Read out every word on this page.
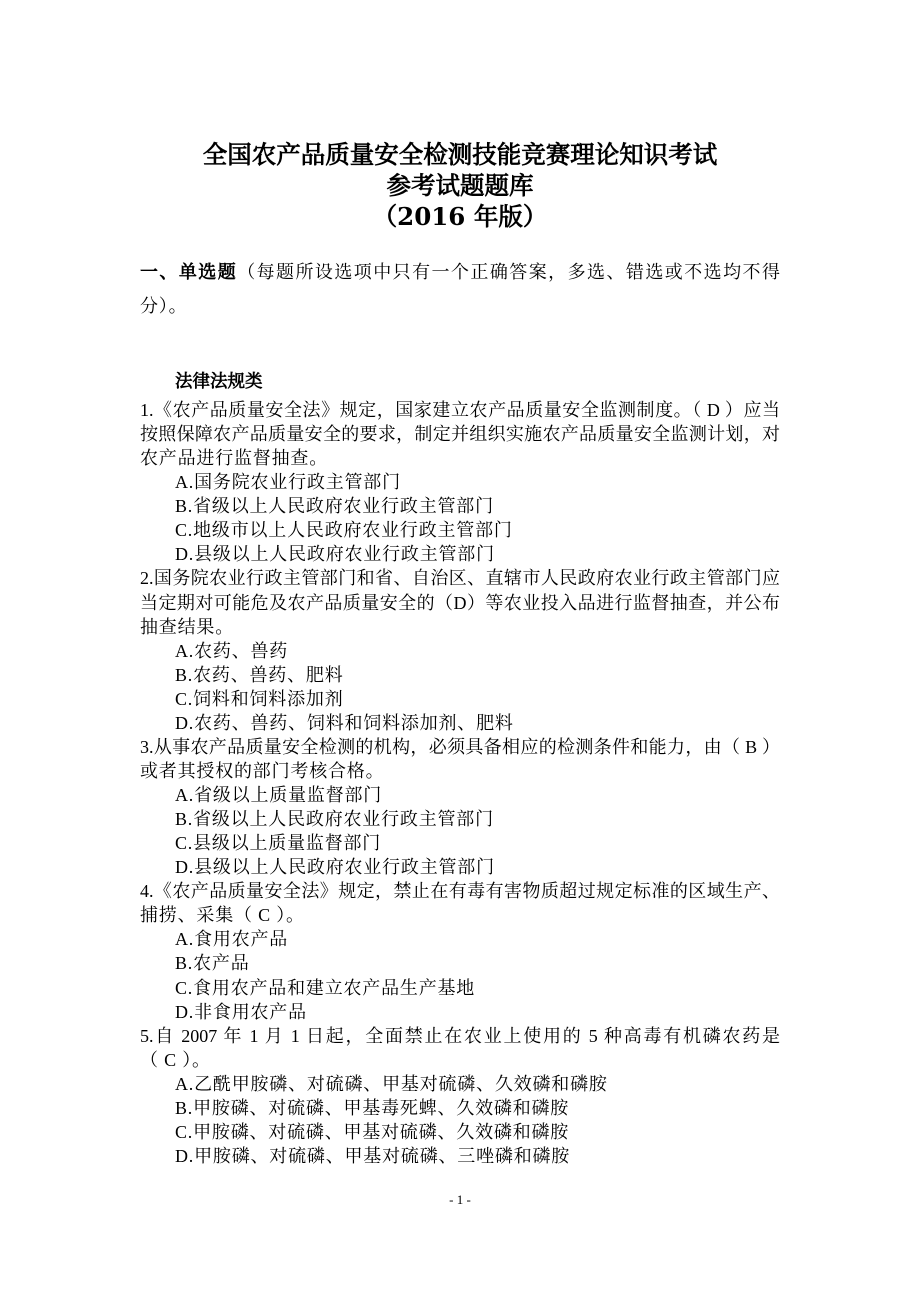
全国农产品质量安全检测技能竞赛理论知识考试
参考试题题库
（2016 年版）
一、单选题（每题所设选项中只有一个正确答案，多选、错选或不选均不得
分）。
法律法规类
1.《农产品质量安全法》规定，国家建立农产品质量安全监测制度。（ D ）应当
按照保障农产品质量安全的要求，制定并组织实施农产品质量安全监测计划，对
农产品进行监督抽查。
A.国务院农业行政主管部门
B.省级以上人民政府农业行政主管部门
C.地级市以上人民政府农业行政主管部门
D.县级以上人民政府农业行政主管部门
2.国务院农业行政主管部门和省、自治区、直辖市人民政府农业行政主管部门应
当定期对可能危及农产品质量安全的（D）等农业投入品进行监督抽查，并公布
抽查结果。
A.农药、兽药
B.农药、兽药、肥料
C.饲料和饲料添加剂
D.农药、兽药、饲料和饲料添加剂、肥料
3.从事农产品质量安全检测的机构，必须具备相应的检测条件和能力，由（ B ）
或者其授权的部门考核合格。
A.省级以上质量监督部门
B.省级以上人民政府农业行政主管部门
C.县级以上质量监督部门
D.县级以上人民政府农业行政主管部门
4.《农产品质量安全法》规定，禁止在有毒有害物质超过规定标准的区域生产、
捕捞、采集（ C ）。
A.食用农产品
B.农产品
C.食用农产品和建立农产品生产基地
D.非食用农产品
5.自 2007 年 1 月 1 日起，全面禁止在农业上使用的 5 种高毒有机磷农药是
（ C ）。
A.乙酰甲胺磷、对硫磷、甲基对硫磷、久效磷和磷胺
B.甲胺磷、对硫磷、甲基毒死蜱、久效磷和磷胺
C.甲胺磷、对硫磷、甲基对硫磷、久效磷和磷胺
D.甲胺磷、对硫磷、甲基对硫磷、三唑磷和磷胺
- 1 -
